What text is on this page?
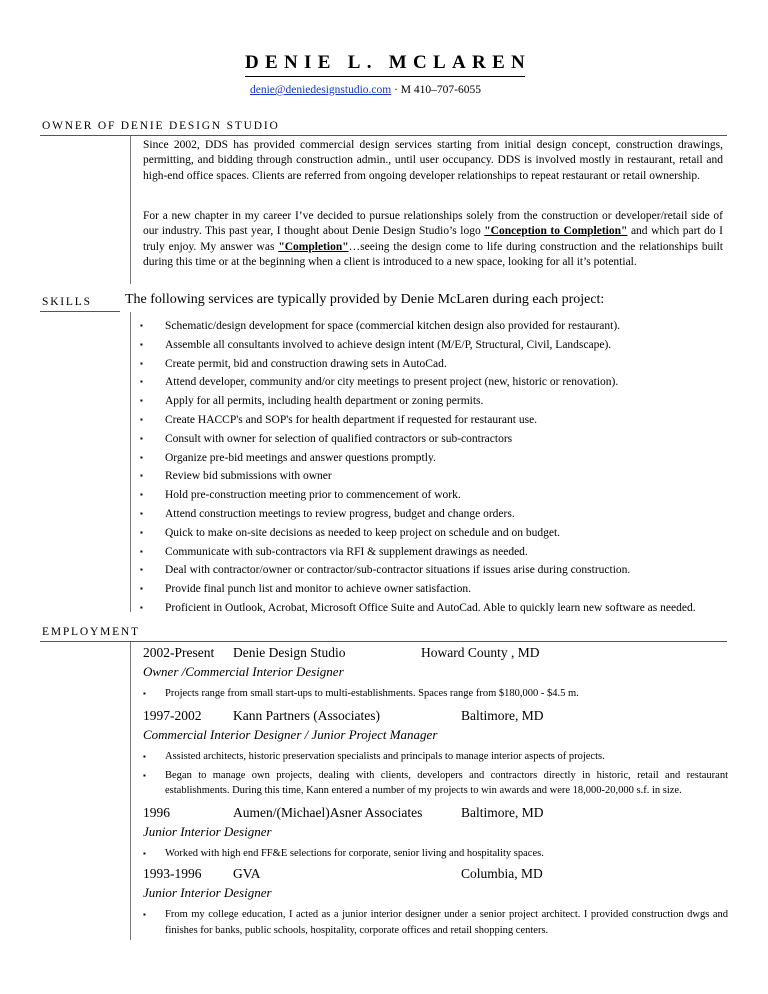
DENIE L. MCLAREN
denie@deniedesignstudio.com · M 410–707-6055
OWNER OF DENIE DESIGN STUDIO
Since 2002, DDS has provided commercial design services starting from initial design concept, construction drawings, permitting, and bidding through construction admin., until user occupancy. DDS is involved mostly in restaurant, retail and high-end office spaces. Clients are referred from ongoing developer relationships to repeat restaurant or retail ownership.
For a new chapter in my career I’ve decided to pursue relationships solely from the construction or developer/retail side of our industry. This past year, I thought about Denie Design Studio’s logo "Conception to Completion" and which part do I truly enjoy. My answer was "Completion"…seeing the design come to life during construction and the relationships built during this time or at the beginning when a client is introduced to a new space, looking for all it’s potential.
SKILLS The following services are typically provided by Denie McLaren during each project:
▪ Schematic/design development for space (commercial kitchen design also provided for restaurant).
▪ Assemble all consultants involved to achieve design intent (M/E/P, Structural, Civil, Landscape).
▪ Create permit, bid and construction drawing sets in AutoCad.
▪ Attend developer, community and/or city meetings to present project (new, historic or renovation).
▪ Apply for all permits, including health department or zoning permits.
▪ Create HACCP's and SOP's for health department if requested for restaurant use.
▪ Consult with owner for selection of qualified contractors or sub-contractors
▪ Organize pre-bid meetings and answer questions promptly.
▪ Review bid submissions with owner
▪ Hold pre-construction meeting prior to commencement of work.
▪ Attend construction meetings to review progress, budget and change orders.
▪ Quick to make on-site decisions as needed to keep project on schedule and on budget.
▪ Communicate with sub-contractors via RFI & supplement drawings as needed.
▪ Deal with contractor/owner or contractor/sub-contractor situations if issues arise during construction.
▪ Provide final punch list and monitor to achieve owner satisfaction.
▪ Proficient in Outlook, Acrobat, Microsoft Office Suite and AutoCad. Able to quickly learn new software as needed.
EMPLOYMENT
2002-Present Denie Design Studio	Howard County , MD
Owner /Commercial Interior Designer
▪ Projects range from small start-ups to multi-establishments. Spaces range from $180,000 - $4.5 m.
1997-2002 Kann Partners (Associates)	Baltimore, MD
Commercial Interior Designer / Junior Project Manager
▪ Assisted architects, historic preservation specialists and principals to manage interior aspects of projects.
▪ Began to manage own projects, dealing with clients, developers and contractors directly in historic, retail and restaurant establishments. During this time, Kann entered a number of my projects to win awards and were 18,000-20,000 s.f. in size.
1996	Aumen/(Michael)Asner Associates	Baltimore, MD
Junior Interior Designer
▪ Worked with high end FF&E selections for corporate, senior living and hospitality spaces.
1993-1996 GVA	Columbia, MD
Junior Interior Designer
▪ From my college education, I acted as a junior interior designer under a senior project architect. I provided construction dwgs and finishes for banks, public schools, hospitality, corporate offices and retail shopping centers.
